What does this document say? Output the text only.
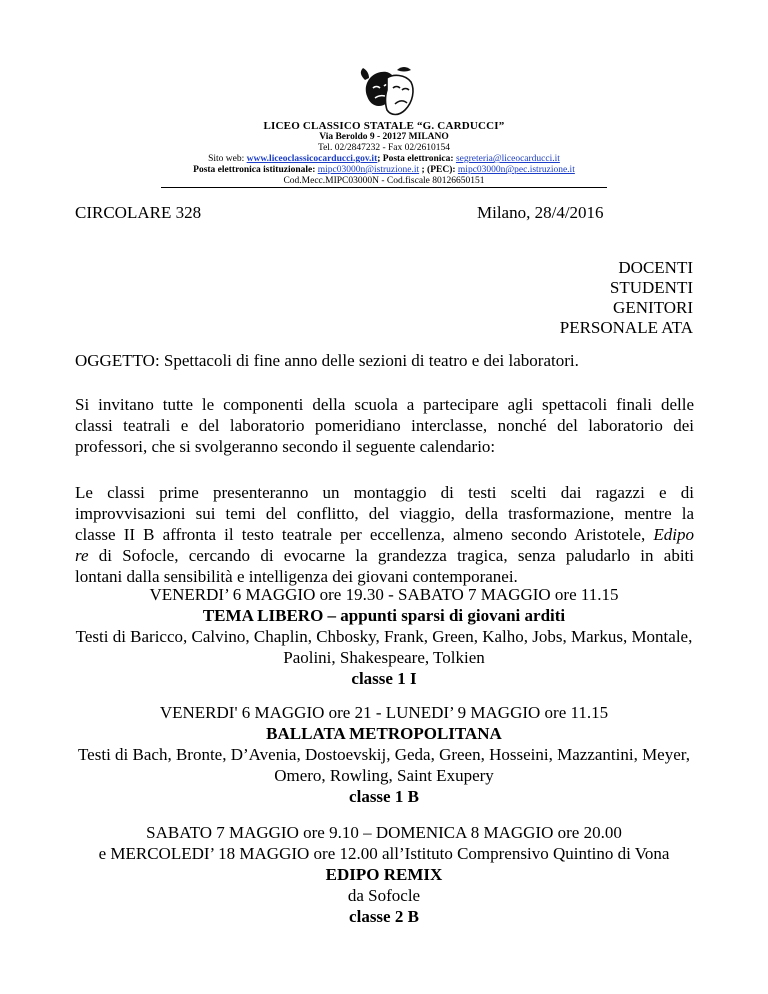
LICEO CLASSICO STATALE “G. CARDUCCI”
Via Beroldo 9 - 20127 MILANO
Tel. 02/2847232 - Fax 02/2610154
Sito web: www.liceoclassicocarducci.gov.it; Posta elettronica: segreteria@liceocarducci.it
Posta elettronica istituzionale: mipc03000n@istruzione.it ; (PEC): mipc03000n@pec.istruzione.it
Cod.Mecc.MIPC03000N - Cod.fiscale 80126650151
CIRCOLARE 328	Milano, 28/4/2016
DOCENTI
STUDENTI
GENITORI
PERSONALE ATA
OGGETTO: Spettacoli di fine anno delle sezioni di teatro e dei laboratori.
Si invitano tutte le componenti della scuola a partecipare agli spettacoli finali delle
classi teatrali e del laboratorio pomeridiano interclasse, nonché del laboratorio dei
professori, che si svolgeranno secondo il seguente calendario:
Le classi prime presenteranno un montaggio di testi scelti dai ragazzi e di
improvvisazioni sui temi del conflitto, del viaggio, della trasformazione, mentre la
classe II B affronta il testo teatrale per eccellenza, almeno secondo Aristotele, Edipo
re di Sofocle, cercando di evocarne la grandezza tragica, senza paludarlo in abiti
lontani dalla sensibilità e intelligenza dei giovani contemporanei.
VENERDI’ 6 MAGGIO ore 19.30 - SABATO 7 MAGGIO ore 11.15
TEMA LIBERO – appunti sparsi di giovani arditi
Testi di Baricco, Calvino, Chaplin, Chbosky, Frank, Green, Kalho, Jobs, Markus, Montale,
Paolini, Shakespeare, Tolkien
classe 1 I
VENERDI' 6 MAGGIO ore 21 - LUNEDI’ 9 MAGGIO ore 11.15
BALLATA METROPOLITANA
Testi di Bach, Bronte, D’Avenia, Dostoevskij, Geda, Green, Hosseini, Mazzantini, Meyer,
Omero, Rowling, Saint Exupery
classe 1 B
SABATO 7 MAGGIO ore 9.10 – DOMENICA 8 MAGGIO ore 20.00
e MERCOLEDI’ 18 MAGGIO ore 12.00 all’Istituto Comprensivo Quintino di Vona
EDIPO REMIX
da Sofocle
classe 2 B
